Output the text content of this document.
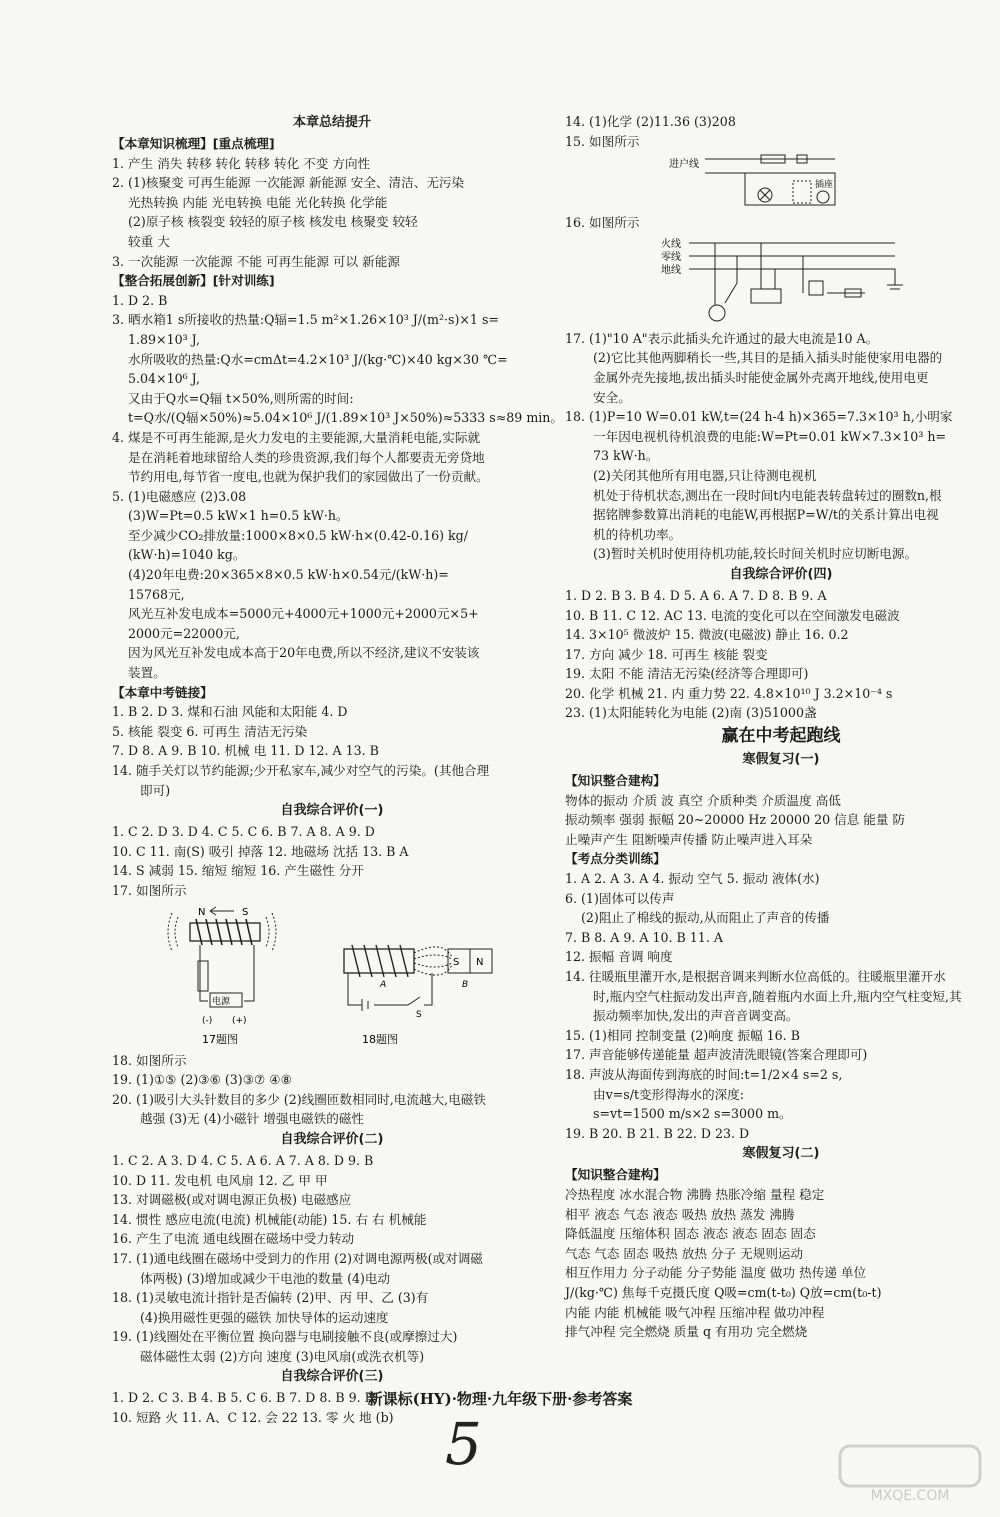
本章总结提升
【本章知识梳理】[重点梳理]
1. 产生 消失 转移 转化 转移 转化 不变 方向性
2. (1)核聚变 可再生能源 一次能源 新能源 安全、清洁、无污染
光热转换 内能 光电转换 电能 光化转换 化学能
(2)原子核 核裂变 较轻的原子核 核发电 核聚变 较轻
较重 大
3. 一次能源 一次能源 不能 可再生能源 可以 新能源
【整合拓展创新】[针对训练]
1. D 2. B
3. 晒水箱1 s所接收的热量:Q辐=1.5 m²×1.26×10³ J/(m²·s)×1 s=
1.89×10³ J,
水所吸收的热量:Q水=cmΔt=4.2×10³ J/(kg·℃)×40 kg×30 ℃=
5.04×10⁶ J,
又由于Q水=Q辐 t×50%,则所需的时间:
t=Q水/(Q辐×50%)≈5.04×10⁶ J/(1.89×10³ J×50%)≈5333 s≈89 min。
4. 煤是不可再生能源,是火力发电的主要能源,大量消耗电能,实际就
是在消耗着地球留给人类的珍贵资源,我们每个人都要责无旁贷地
节约用电,每节省一度电,也就为保护我们的家园做出了一份贡献。
5. (1)电磁感应 (2)3.08
(3)W=Pt=0.5 kW×1 h=0.5 kW·h。
至少减少CO₂排放量:1000×8×0.5 kW·h×(0.42-0.16) kg/
(kW·h)=1040 kg。
(4)20年电费:20×365×8×0.5 kW·h×0.54元/(kW·h)=
15768元,
风光互补发电成本=5000元+4000元+1000元+2000元×5+
2000元=22000元,
因为风光互补发电成本高于20年电费,所以不经济,建议不安装该
装置。
【本章中考链接】
1. B 2. D 3. 煤和石油 风能和太阳能 4. D
5. 核能 裂变 6. 可再生 清洁无污染
7. D 8. A 9. B 10. 机械 电 11. D 12. A 13. B
14. 随手关灯以节约能源;少开私家车,减少对空气的污染。(其他合理
即可)
自我综合评价(一)
1. C 2. D 3. D 4. C 5. C 6. B 7. A 8. A 9. D
10. C 11. 南(S) 吸引 掉落 12. 地磁场 沈括 13. B A
14. S 减弱 15. 缩短 缩短 16. 产生磁性 分开
17. 如图所示
N	S
电源
(-) (+)
17题图
S N
A	B
S
18题图
18. 如图所示
19. (1)①⑤ (2)③⑥ (3)③⑦ ④⑧
20. (1)吸引大头针数目的多少 (2)线圈匝数相同时,电流越大,电磁铁
越强 (3)无 (4)小磁针 增强电磁铁的磁性
自我综合评价(二)
1. C 2. A 3. D 4. C 5. A 6. A 7. A 8. D 9. B
10. D 11. 发电机 电风扇 12. 乙 甲 甲
13. 对调磁极(或对调电源正负极) 电磁感应
14. 惯性 感应电流(电流) 机械能(动能) 15. 右 右 机械能
16. 产生了电流 通电线圈在磁场中受力转动
17. (1)通电线圈在磁场中受到力的作用 (2)对调电源两极(或对调磁
体两极) (3)增加或减少干电池的数量 (4)电动
18. (1)灵敏电流计指针是否偏转 (2)甲、丙 甲、乙 (3)有
(4)换用磁性更强的磁铁 加快导体的运动速度
19. (1)线圈处在平衡位置 换向器与电刷接触不良(或摩擦过大)
磁体磁性太弱 (2)方向 速度 (3)电风扇(或洗衣机等)
自我综合评价(三)
1. D 2. C 3. B 4. B 5. C 6. B 7. D 8. B 9. B
10. 短路 火 11. A、C 12. 会 22 13. 零 火 地 (b)
14. (1)化学 (2)11.36 (3)208
15. 如图所示
进户线
插座
16. 如图所示
火线
零线
地线
17. (1)"10 A"表示此插头允许通过的最大电流是10 A。
(2)它比其他两脚稍长一些,其目的是插入插头时能使家用电器的
金属外壳先接地,拔出插头时能使金属外壳离开地线,使用电更
安全。
18. (1)P=10 W=0.01 kW,t=(24 h-4 h)×365=7.3×10³ h,小明家
一年因电视机待机浪费的电能:W=Pt=0.01 kW×7.3×10³ h=
73 kW·h。
(2)关闭其他所有用电器,只让待测电视机
机处于待机状态,测出在一段时间t内电能表转盘转过的圈数n,根
据铭牌参数算出消耗的电能W,再根据P=W/t的关系计算出电视
机的待机功率。
(3)暂时关机时使用待机功能,较长时间关机时应切断电源。
自我综合评价(四)
1. D 2. B 3. B 4. D 5. A 6. A 7. D 8. B 9. A
10. B 11. C 12. AC 13. 电流的变化可以在空间激发电磁波
14. 3×10⁵ 微波炉 15. 微波(电磁波) 静止 16. 0.2
17. 方向 减少 18. 可再生 核能 裂变
19. 太阳 不能 清洁无污染(经济等合理即可)
20. 化学 机械 21. 内 重力势 22. 4.8×10¹⁰ J 3.2×10⁻⁴ s
23. (1)太阳能转化为电能 (2)南 (3)51000盏
赢在中考起跑线
寒假复习(一)
【知识整合建构】
物体的振动 介质 波 真空 介质种类 介质温度 高低
振动频率 强弱 振幅 20~20000 Hz 20000 20 信息 能量 防
止噪声产生 阻断噪声传播 防止噪声进入耳朵
【考点分类训练】
1. A 2. A 3. A 4. 振动 空气 5. 振动 液体(水)
6. (1)固体可以传声
(2)阻止了棉线的振动,从而阻止了声音的传播
7. B 8. A 9. A 10. B 11. A
12. 振幅 音调 响度
14. 往暖瓶里灌开水,是根据音调来判断水位高低的。往暖瓶里灌开水
时,瓶内空气柱振动发出声音,随着瓶内水面上升,瓶内空气柱变短,其
振动频率加快,发出的声音音调变高。
15. (1)相同 控制变量 (2)响度 振幅 16. B
17. 声音能够传递能量 超声波清洗眼镜(答案合理即可)
18. 声波从海面传到海底的时间:t=1/2×4 s=2 s,
由v=s/t变形得海水的深度:
s=vt=1500 m/s×2 s=3000 m。
19. B 20. B 21. B 22. D 23. D
寒假复习(二)
【知识整合建构】
冷热程度 冰水混合物 沸腾 热胀冷缩 量程 稳定
相平 液态 气态 液态 吸热 放热 蒸发 沸腾
降低温度 压缩体积 固态 液态 液态 固态 固态
气态 气态 固态 吸热 放热 分子 无规则运动
相互作用力 分子动能 分子势能 温度 做功 热传递 单位
J/(kg·℃) 焦每千克摄氏度 Q吸=cm(t-t₀) Q放=cm(t₀-t)
内能 内能 机械能 吸气冲程 压缩冲程 做功冲程
排气冲程 完全燃烧 质量 q 有用功 完全燃烧
新课标(HY)·物理·九年级下册·参考答案
5
MXQE.COM
